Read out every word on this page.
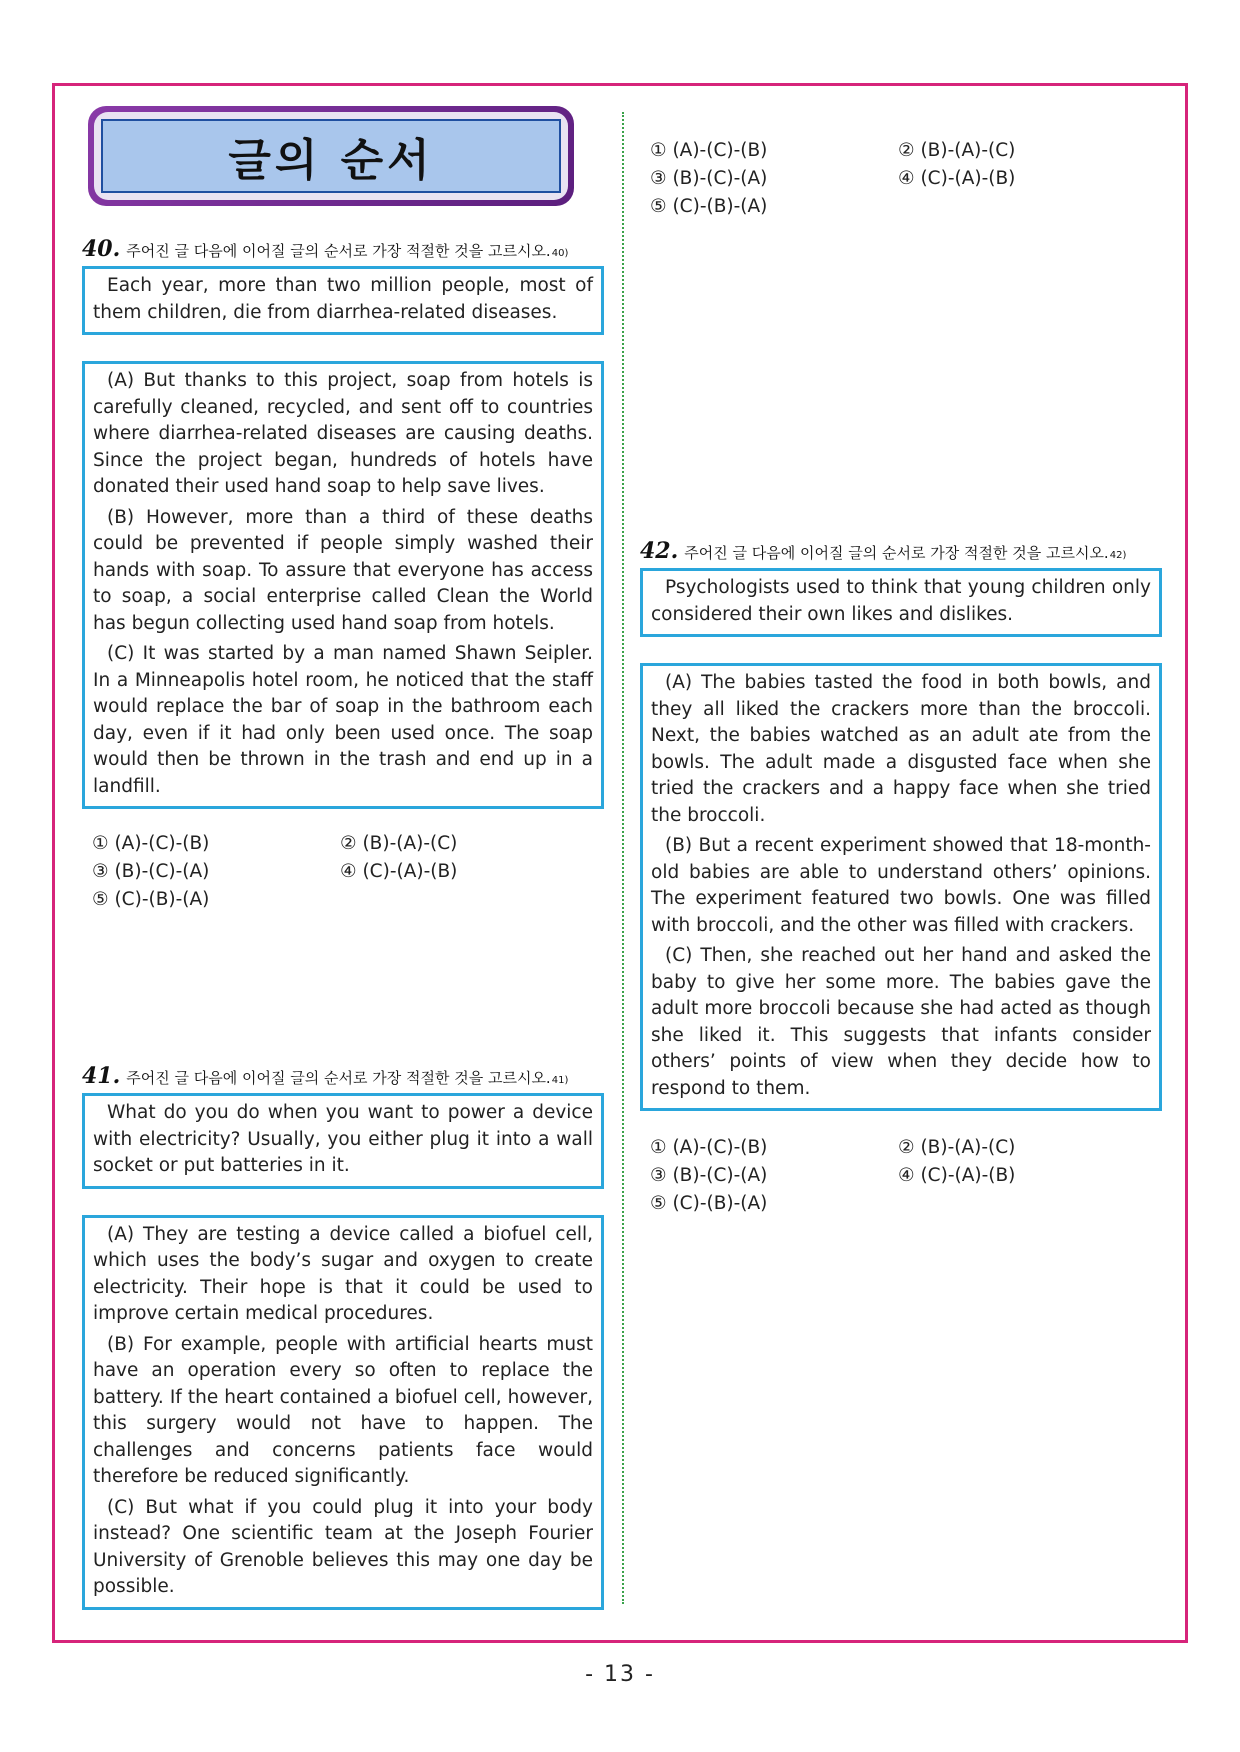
글의 순서
40. 주어진 글 다음에 이어질 글의 순서로 가장 적절한 것을 고르시오$._{40)}$

Each year, more than two million people, most of them children, die from diarrhea-related diseases.

(A) But thanks to this project, soap from hotels is carefully cleaned, recycled, and sent off to countries where diarrhea-related diseases are causing deaths. Since the project began, hundreds of hotels have donated their used hand soap to help save lives.

(B) However, more than a third of these deaths could be prevented if people simply washed their hands with soap. To assure that everyone has access to soap, a social enterprise called Clean the World has begun collecting used hand soap from hotels.

(C) It was started by a man named Shawn Seipler. In a Minneapolis hotel room, he noticed that the staff would replace the bar of soap in the bathroom each day, even if it had only been used once. The soap would then be thrown in the trash and end up in a landfill.

① (A)-(C)-(B)	② (B)-(A)-(C)
③ (B)-(C)-(A)	④ (C)-(A)-(B)
⑤ (C)-(B)-(A)
41. 주어진 글 다음에 이어질 글의 순서로 가장 적절한 것을 고르시오$._{41)}$

What do you do when you want to power a device with electricity? Usually, you either plug it into a wall socket or put batteries in it.

(A) They are testing a device called a biofuel cell, which uses the body’s sugar and oxygen to create electricity. Their hope is that it could be used to improve certain medical procedures.

(B) For example, people with artificial hearts must have an operation every so often to replace the battery. If the heart contained a biofuel cell, however, this surgery would not have to happen. The challenges and concerns patients face would therefore be reduced significantly.

(C) But what if you could plug it into your body instead? One scientific team at the Joseph Fourier University of Grenoble believes this may one day be possible.

① (A)-(C)-(B)	② (B)-(A)-(C)
③ (B)-(C)-(A)	④ (C)-(A)-(B)
⑤ (C)-(B)-(A)
42. 주어진 글 다음에 이어질 글의 순서로 가장 적절한 것을 고르시오$._{42)}$

Psychologists used to think that young children only considered their own likes and dislikes.

(A) The babies tasted the food in both bowls, and they all liked the crackers more than the broccoli. Next, the babies watched as an adult ate from the bowls. The adult made a disgusted face when she tried the crackers and a happy face when she tried the broccoli.

(B) But a recent experiment showed that 18-month-old babies are able to understand others’ opinions. The experiment featured two bowls. One was filled with broccoli, and the other was filled with crackers.

(C) Then, she reached out her hand and asked the baby to give her some more. The babies gave the adult more broccoli because she had acted as though she liked it. This suggests that infants consider others’ points of view when they decide how to respond to them.

① (A)-(C)-(B)	② (B)-(A)-(C)
③ (B)-(C)-(A)	④ (C)-(A)-(B)
⑤ (C)-(B)-(A)
- 13 -
